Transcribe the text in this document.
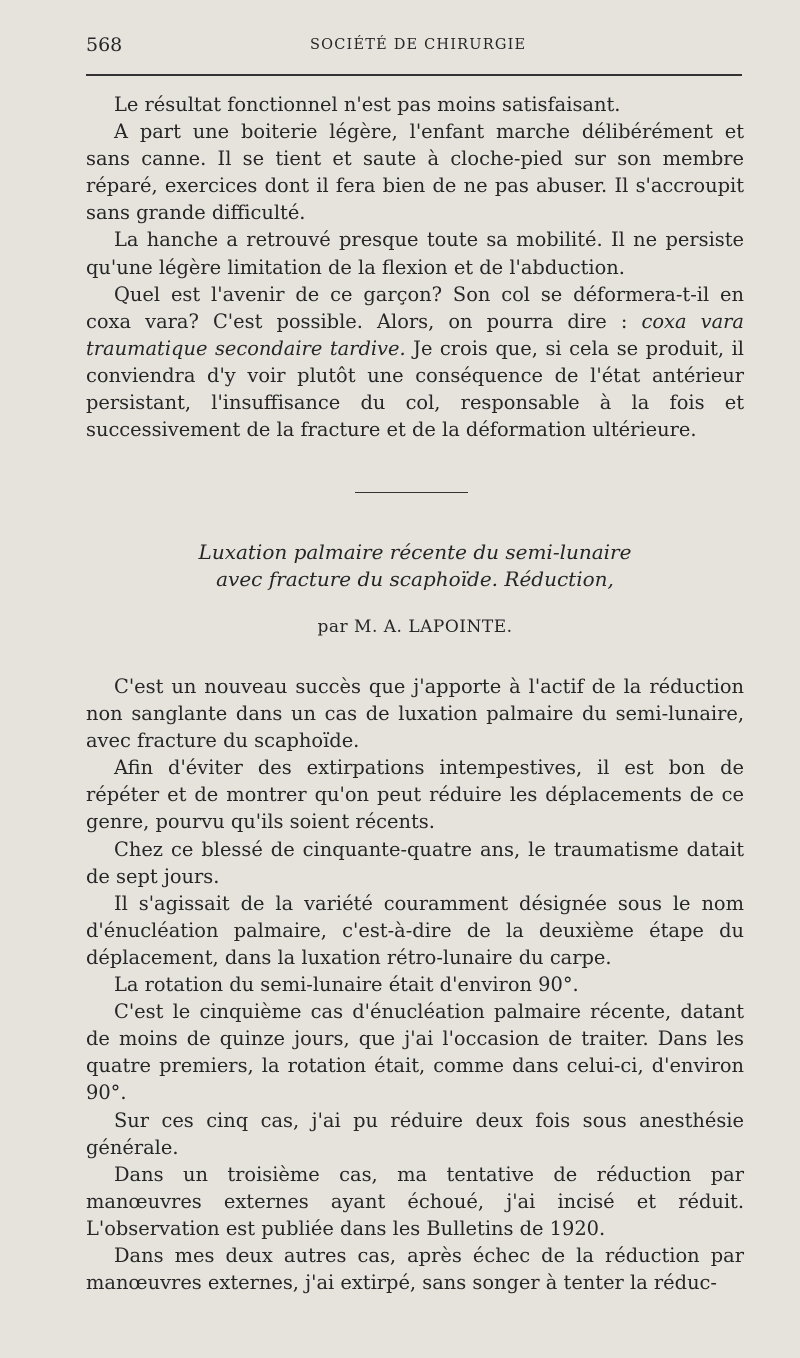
568	SOCIÉTÉ DE CHIRURGIE

Le résultat fonctionnel n'est pas moins satisfaisant.

A part une boiterie légère, l'enfant marche délibérément et sans canne. Il se tient et saute à cloche-pied sur son membre réparé, exercices dont il fera bien de ne pas abuser. Il s'accroupit sans grande difficulté.

La hanche a retrouvé presque toute sa mobilité. Il ne persiste qu'une légère limitation de la flexion et de l'abduction.

Quel est l'avenir de ce garçon? Son col se déformera-t-il en coxa vara? C'est possible. Alors, on pourra dire : coxa vara traumatique secondaire tardive. Je crois que, si cela se produit, il conviendra d'y voir plutôt une conséquence de l'état antérieur persistant, l'insuffisance du col, responsable à la fois et successivement de la fracture et de la déformation ultérieure.

Luxation palmaire récente du semi-lunaire
avec fracture du scaphoïde. Réduction,
par M. A. LAPOINTE.

C'est un nouveau succès que j'apporte à l'actif de la réduction non sanglante dans un cas de luxation palmaire du semi-lunaire, avec fracture du scaphoïde.

Afin d'éviter des extirpations intempestives, il est bon de répéter et de montrer qu'on peut réduire les déplacements de ce genre, pourvu qu'ils soient récents.

Chez ce blessé de cinquante-quatre ans, le traumatisme datait de sept jours.

Il s'agissait de la variété couramment désignée sous le nom d'énucléation palmaire, c'est-à-dire de la deuxième étape du déplacement, dans la luxation rétro-lunaire du carpe.

La rotation du semi-lunaire était d'environ 90°.

C'est le cinquième cas d'énucléation palmaire récente, datant de moins de quinze jours, que j'ai l'occasion de traiter. Dans les quatre premiers, la rotation était, comme dans celui-ci, d'environ 90°.

Sur ces cinq cas, j'ai pu réduire deux fois sous anesthésie générale.

Dans un troisième cas, ma tentative de réduction par manœuvres externes ayant échoué, j'ai incisé et réduit. L'observation est publiée dans les Bulletins de 1920.

Dans mes deux autres cas, après échec de la réduction par manœuvres externes, j'ai extirpé, sans songer à tenter la réduc-
